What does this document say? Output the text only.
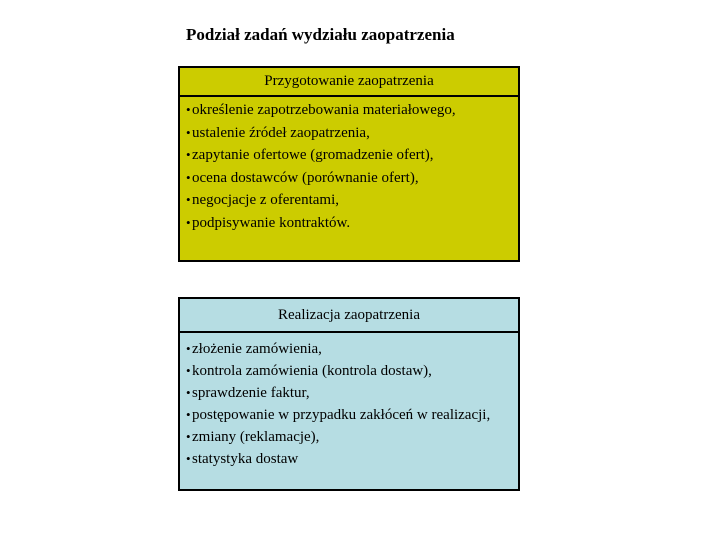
Podział zadań wydziału zaopatrzenia
Przygotowanie zaopatrzenia
•określenie zapotrzebowania materiałowego,
•ustalenie źródeł zaopatrzenia,
•zapytanie ofertowe (gromadzenie ofert),
•ocena dostawców (porównanie ofert),
•negocjacje z oferentami,
•podpisywanie kontraktów.
Realizacja zaopatrzenia
•złożenie zamówienia,
•kontrola zamówienia (kontrola dostaw),
•sprawdzenie faktur,
•postępowanie w przypadku zakłóceń w realizacji,
•zmiany (reklamacje),
•statystyka dostaw
